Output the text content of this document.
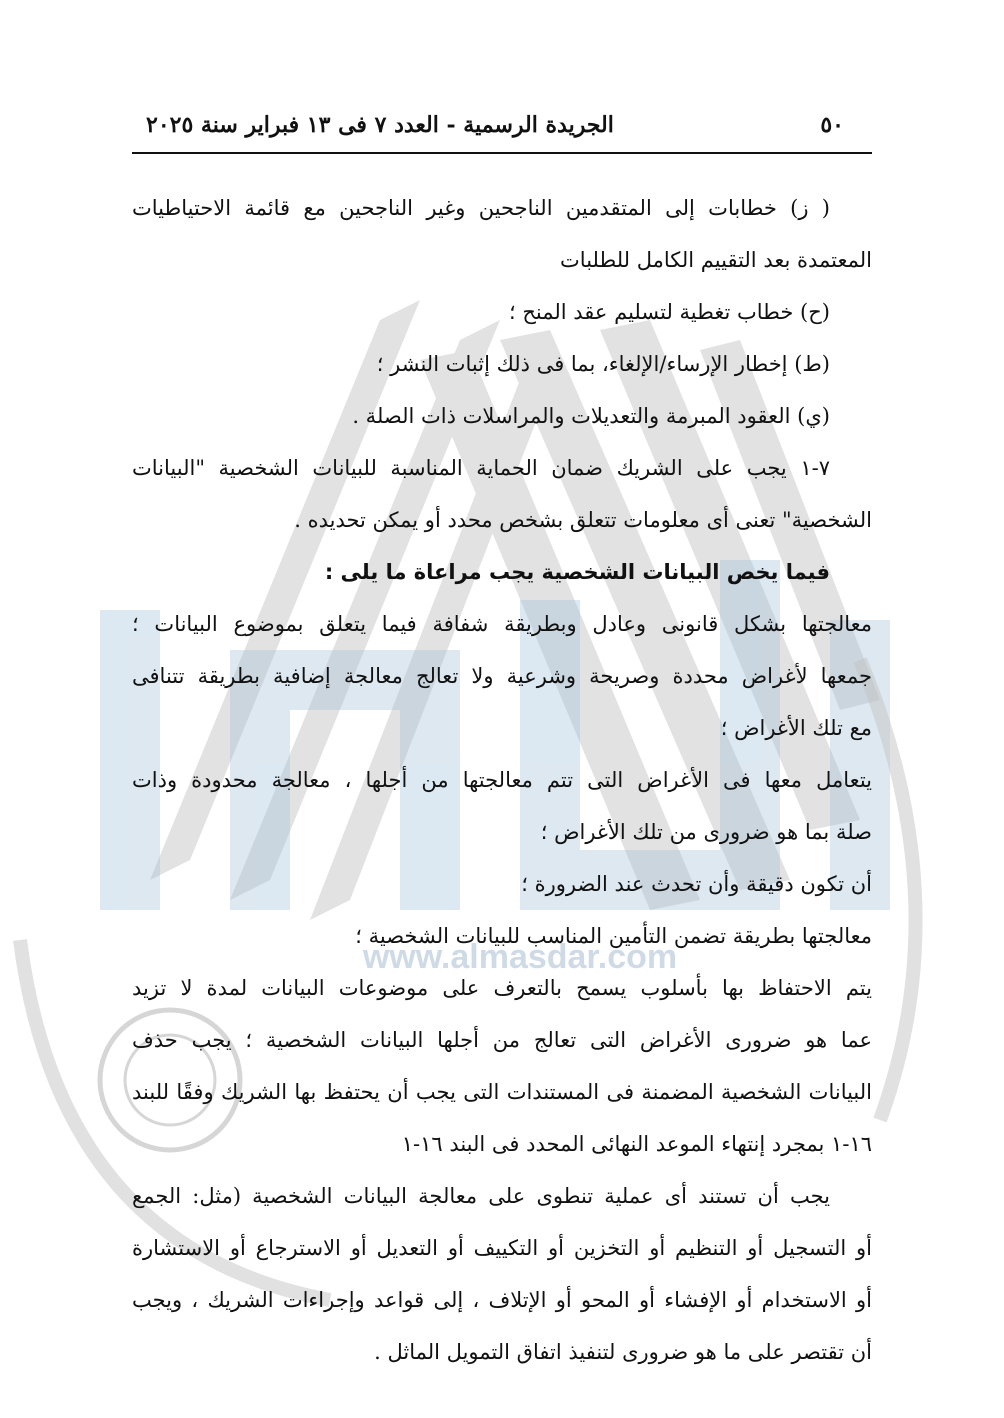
www.almasdar.com
٥٠
الجريدة الرسمية - العدد ٧ فى ١٣ فبراير سنة ٢٠٢٥
( ز) خطابات إلى المتقدمين الناجحين وغير الناجحين مع قائمة الاحتياطيات
المعتمدة بعد التقييم الكامل للطلبات
(ح) خطاب تغطية لتسليم عقد المنح ؛
(ط) إخطار الإرساء/الإلغاء، بما فى ذلك إثبات النشر ؛
(ي) العقود المبرمة والتعديلات والمراسلات ذات الصلة .
٧-١ يجب على الشريك ضمان الحماية المناسبة للبيانات الشخصية "البيانات
الشخصية" تعنى أى معلومات تتعلق بشخص محدد أو يمكن تحديده .
فيما يخص البيانات الشخصية يجب مراعاة ما يلى :
معالجتها بشكل قانونى وعادل وبطريقة شفافة فيما يتعلق بموضوع البيانات ؛
جمعها لأغراض محددة وصريحة وشرعية ولا تعالج معالجة إضافية بطريقة تتنافى
مع تلك الأغراض ؛
يتعامل معها فى الأغراض التى تتم معالجتها من أجلها ، معالجة محدودة وذات
صلة بما هو ضرورى من تلك الأغراض ؛
أن تكون دقيقة وأن تحدث عند الضرورة ؛
معالجتها بطريقة تضمن التأمين المناسب للبيانات الشخصية ؛
يتم الاحتفاظ بها بأسلوب يسمح بالتعرف على موضوعات البيانات لمدة لا تزيد
عما هو ضرورى الأغراض التى تعالج من أجلها البيانات الشخصية ؛ يجب حذف
البيانات الشخصية المضمنة فى المستندات التى يجب أن يحتفظ بها الشريك وفقًا للبند
١٦-١ بمجرد إنتهاء الموعد النهائى المحدد فى البند ١٦-١
يجب أن تستند أى عملية تنطوى على معالجة البيانات الشخصية (مثل: الجمع
أو التسجيل أو التنظيم أو التخزين أو التكييف أو التعديل أو الاسترجاع أو الاستشارة
أو الاستخدام أو الإفشاء أو المحو أو الإتلاف ، إلى قواعد وإجراءات الشريك ، ويجب
أن تقتصر على ما هو ضرورى لتنفيذ اتفاق التمويل الماثل .
